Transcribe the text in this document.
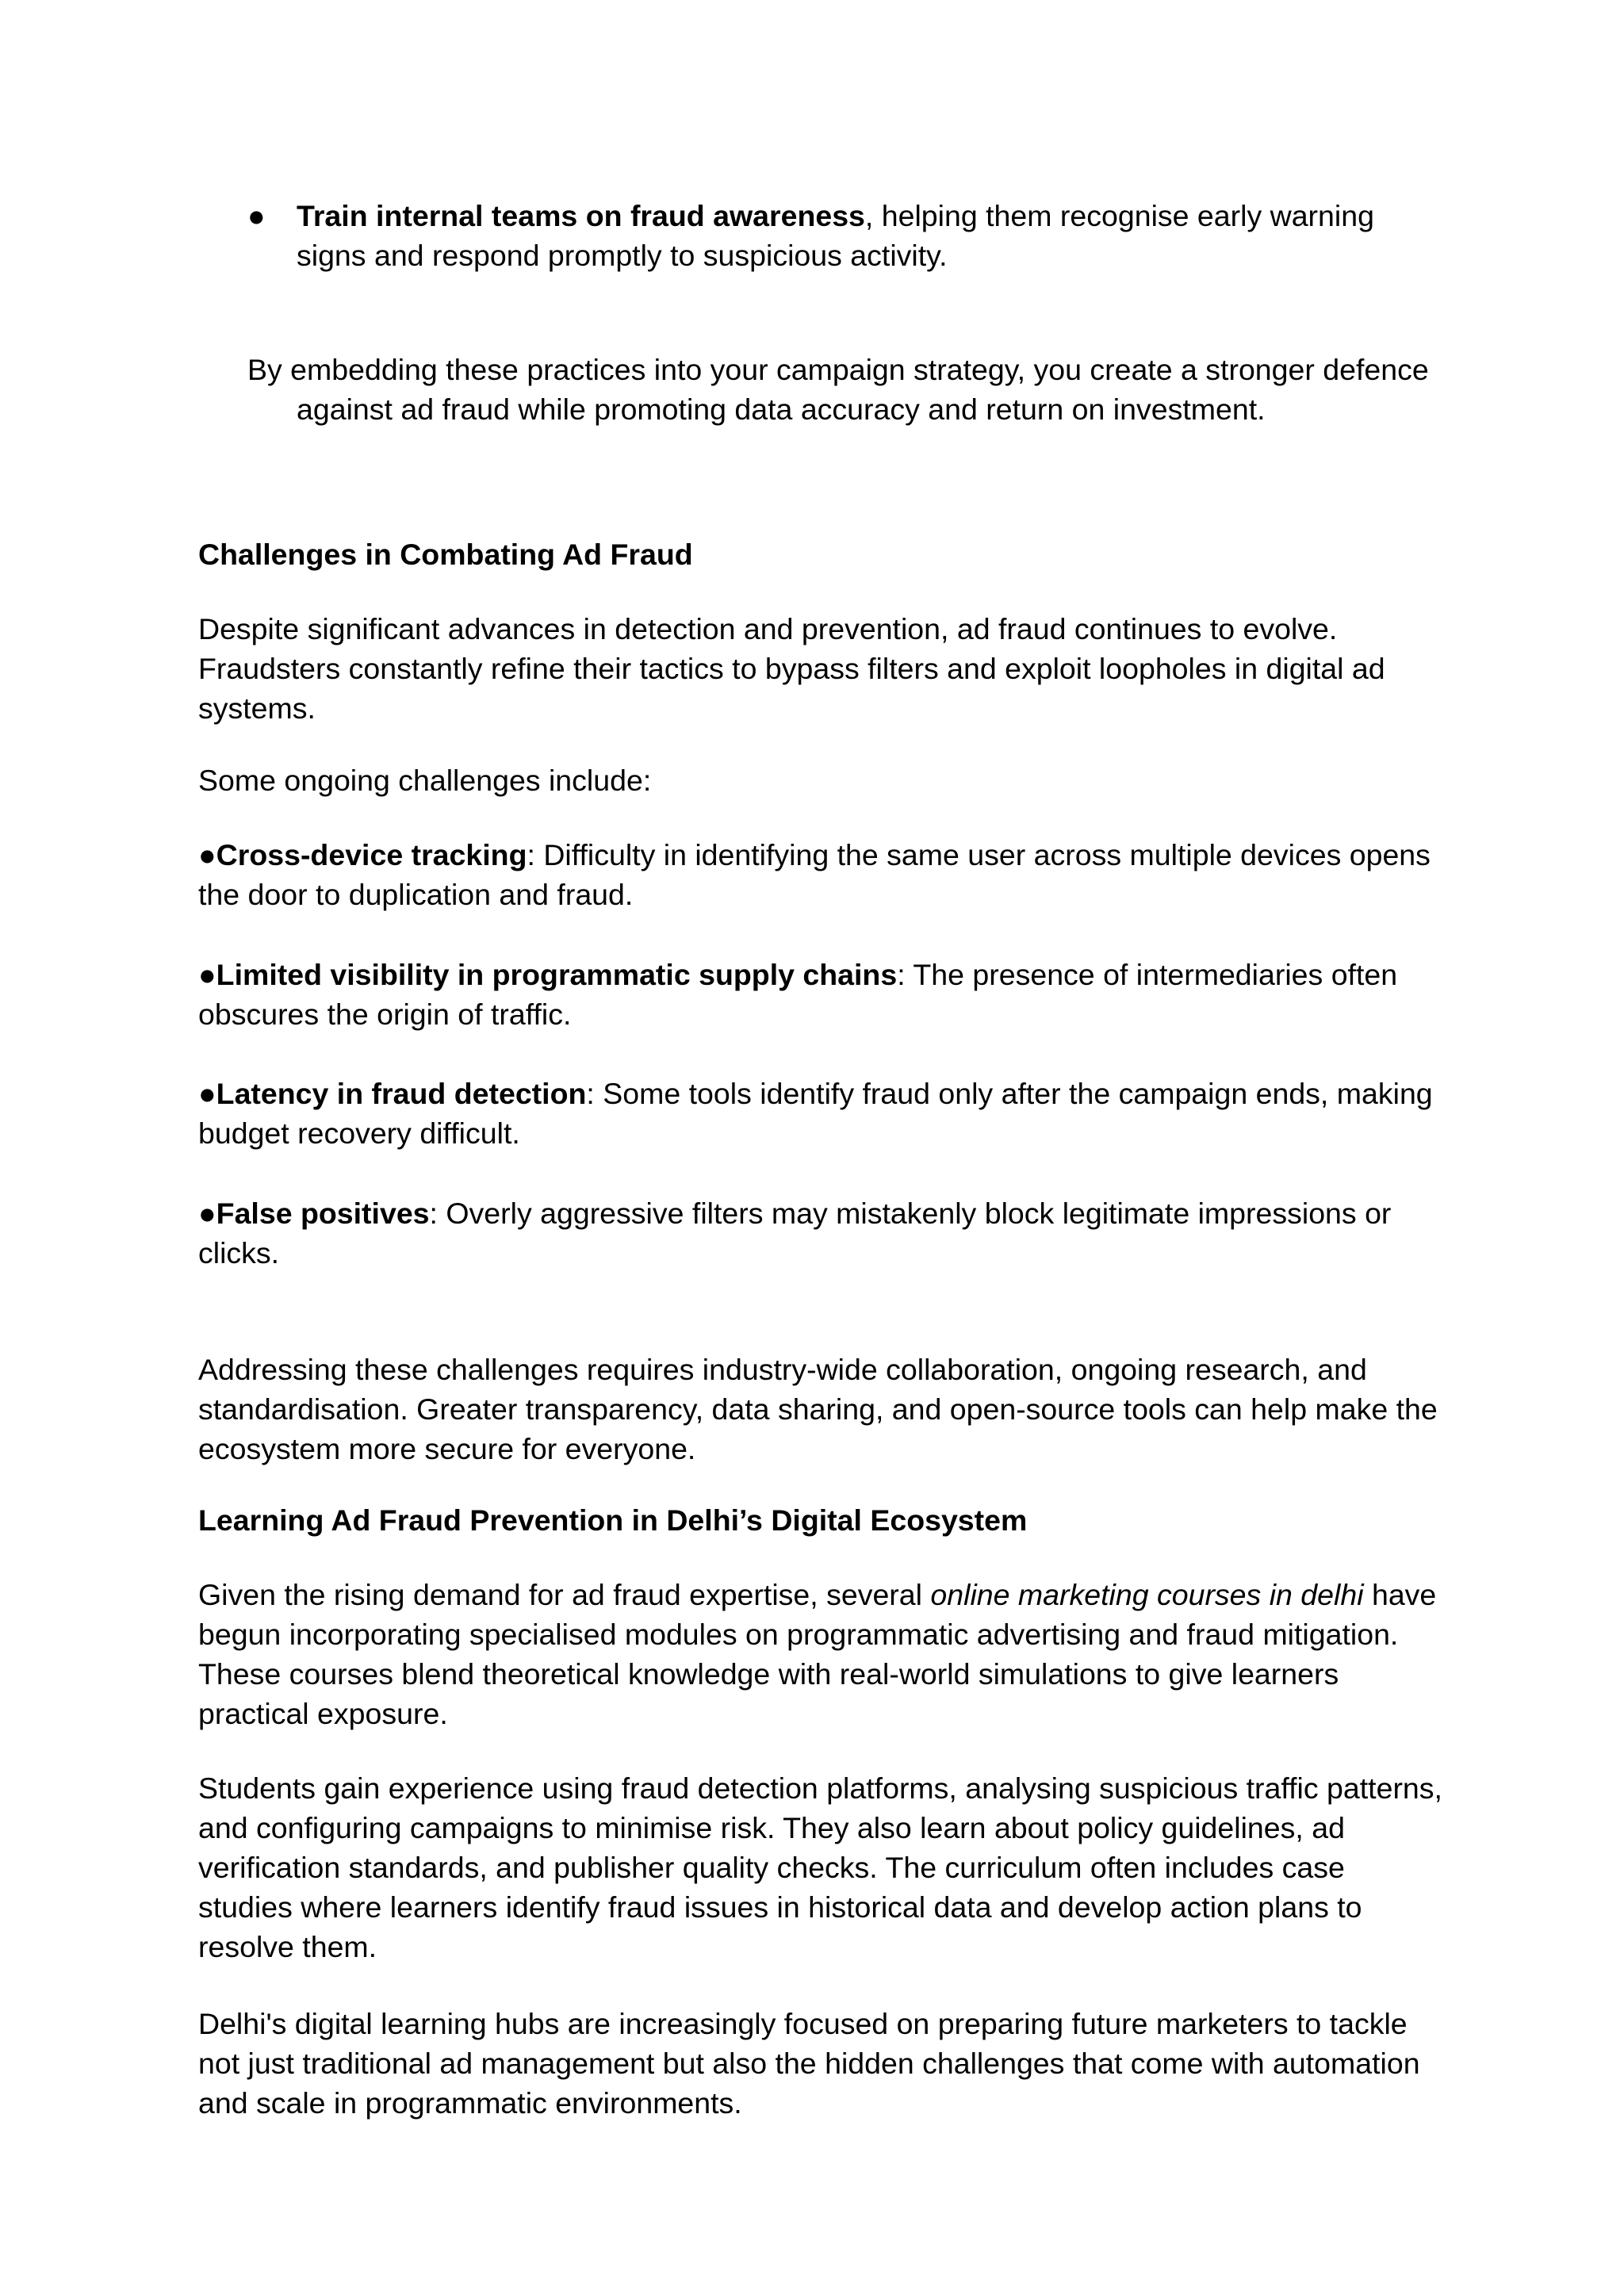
●	Train internal teams on fraud awareness, helping them recognise early warning signs and respond promptly to suspicious activity.

By embedding these practices into your campaign strategy, you create a stronger defence against ad fraud while promoting data accuracy and return on investment.

Challenges in Combating Ad Fraud

Despite significant advances in detection and prevention, ad fraud continues to evolve. Fraudsters constantly refine their tactics to bypass filters and exploit loopholes in digital ad systems.

Some ongoing challenges include:

●Cross-device tracking: Difficulty in identifying the same user across multiple devices opens the door to duplication and fraud.

●Limited visibility in programmatic supply chains: The presence of intermediaries often obscures the origin of traffic.

●Latency in fraud detection: Some tools identify fraud only after the campaign ends, making budget recovery difficult.

●False positives: Overly aggressive filters may mistakenly block legitimate impressions or clicks.

Addressing these challenges requires industry-wide collaboration, ongoing research, and standardisation. Greater transparency, data sharing, and open-source tools can help make the ecosystem more secure for everyone.

Learning Ad Fraud Prevention in Delhi’s Digital Ecosystem

Given the rising demand for ad fraud expertise, several online marketing courses in delhi have begun incorporating specialised modules on programmatic advertising and fraud mitigation. These courses blend theoretical knowledge with real-world simulations to give learners practical exposure.

Students gain experience using fraud detection platforms, analysing suspicious traffic patterns, and configuring campaigns to minimise risk. They also learn about policy guidelines, ad verification standards, and publisher quality checks. The curriculum often includes case studies where learners identify fraud issues in historical data and develop action plans to resolve them.

Delhi's digital learning hubs are increasingly focused on preparing future marketers to tackle not just traditional ad management but also the hidden challenges that come with automation and scale in programmatic environments.
